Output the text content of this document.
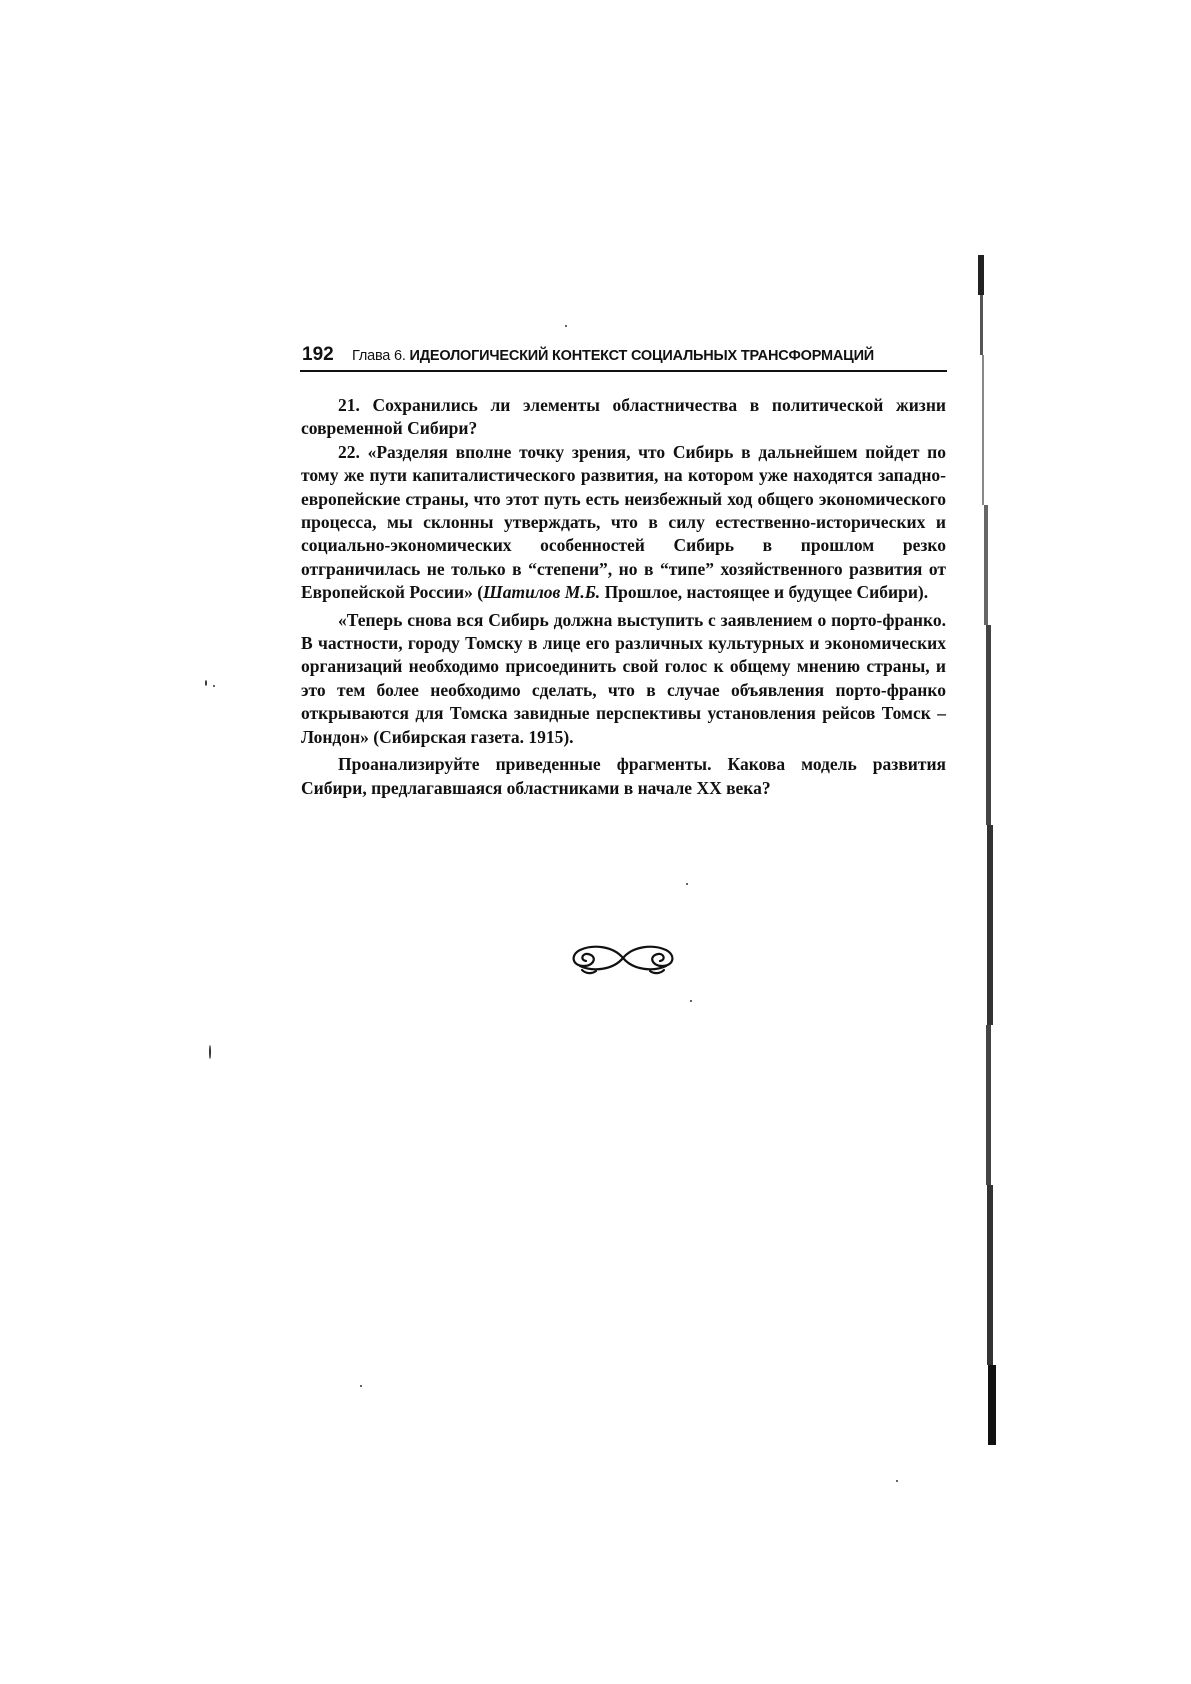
192 Глава 6. ИДЕОЛОГИЧЕСКИЙ КОНТЕКСТ СОЦИАЛЬНЫХ ТРАНСФОРМАЦИЙ

21. Сохранились ли элементы областничества в политической жизни современной Сибири?

22. «Разделяя вполне точку зрения, что Сибирь в дальнейшем пойдет по тому же пути капиталистического развития, на котором уже находятся западно-европейские страны, что этот путь есть неизбежный ход общего экономического процесса, мы склонны утверждать, что в силу естественно-исторических и социально-экономических особенностей Сибирь в прошлом резко отграничилась не только в “степени”, но в “типе” хозяйственного развития от Европейской России» (Шатилов М.Б. Прошлое, настоящее и будущее Сибири).

«Теперь снова вся Сибирь должна выступить с заявлением о порто-франко. В частности, городу Томску в лице его различных культурных и экономических организаций необходимо присоединить свой голос к общему мнению страны, и это тем более необходимо сделать, что в случае объявления порто-франко открываются для Томска завидные перспективы установления рейсов Томск – Лондон» (Сибирская газета. 1915).

Проанализируйте приведенные фрагменты. Какова модель развития Сибири, предлагавшаяся областниками в начале XX века?
